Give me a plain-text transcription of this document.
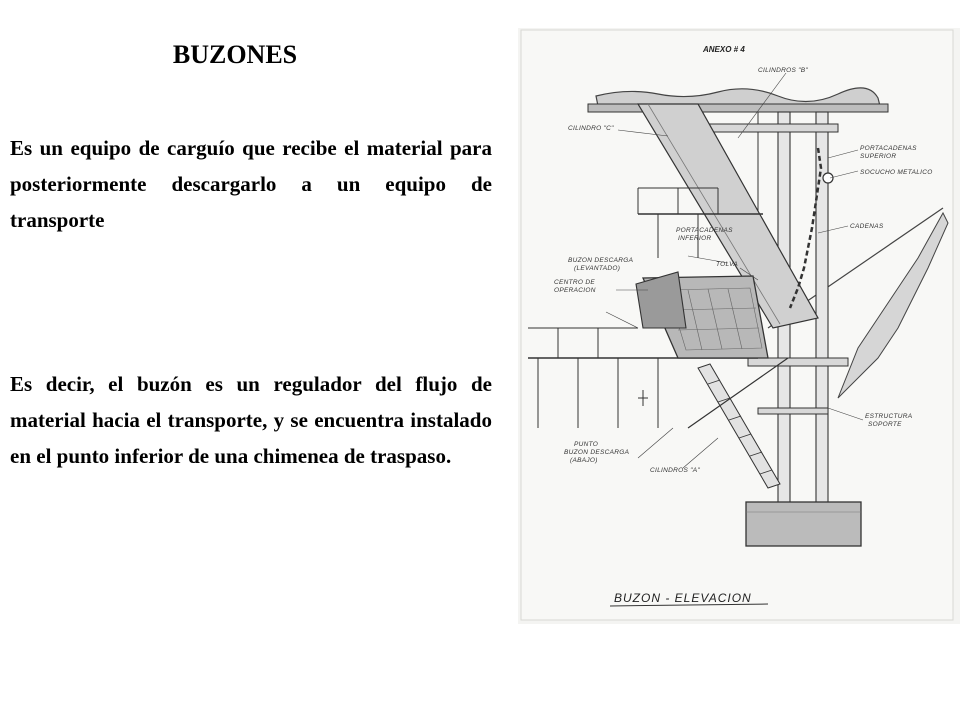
BUZONES
Es un equipo de carguío que recibe el material para posteriormente descargarlo a un equipo de transporte
Es decir, el buzón es un regulador del flujo de material hacia el transporte, y se encuentra instalado en el punto inferior de una chimenea de traspaso.
ANEXO # 4
CILINDROS "B"
CILINDRO "C"
PORTACADENAS
SUPERIOR
SOCUCHO METALICO
CADENAS
PORTACADENAS
INFERIOR
BUZON DESCARGA
(LEVANTADO)
TOLVA
CENTRO DE
OPERACION
ESTRUCTURA
SOPORTE
PUNTO
BUZON DESCARGA
(ABAJO)
CILINDROS "A"
BUZON - ELEVACION
